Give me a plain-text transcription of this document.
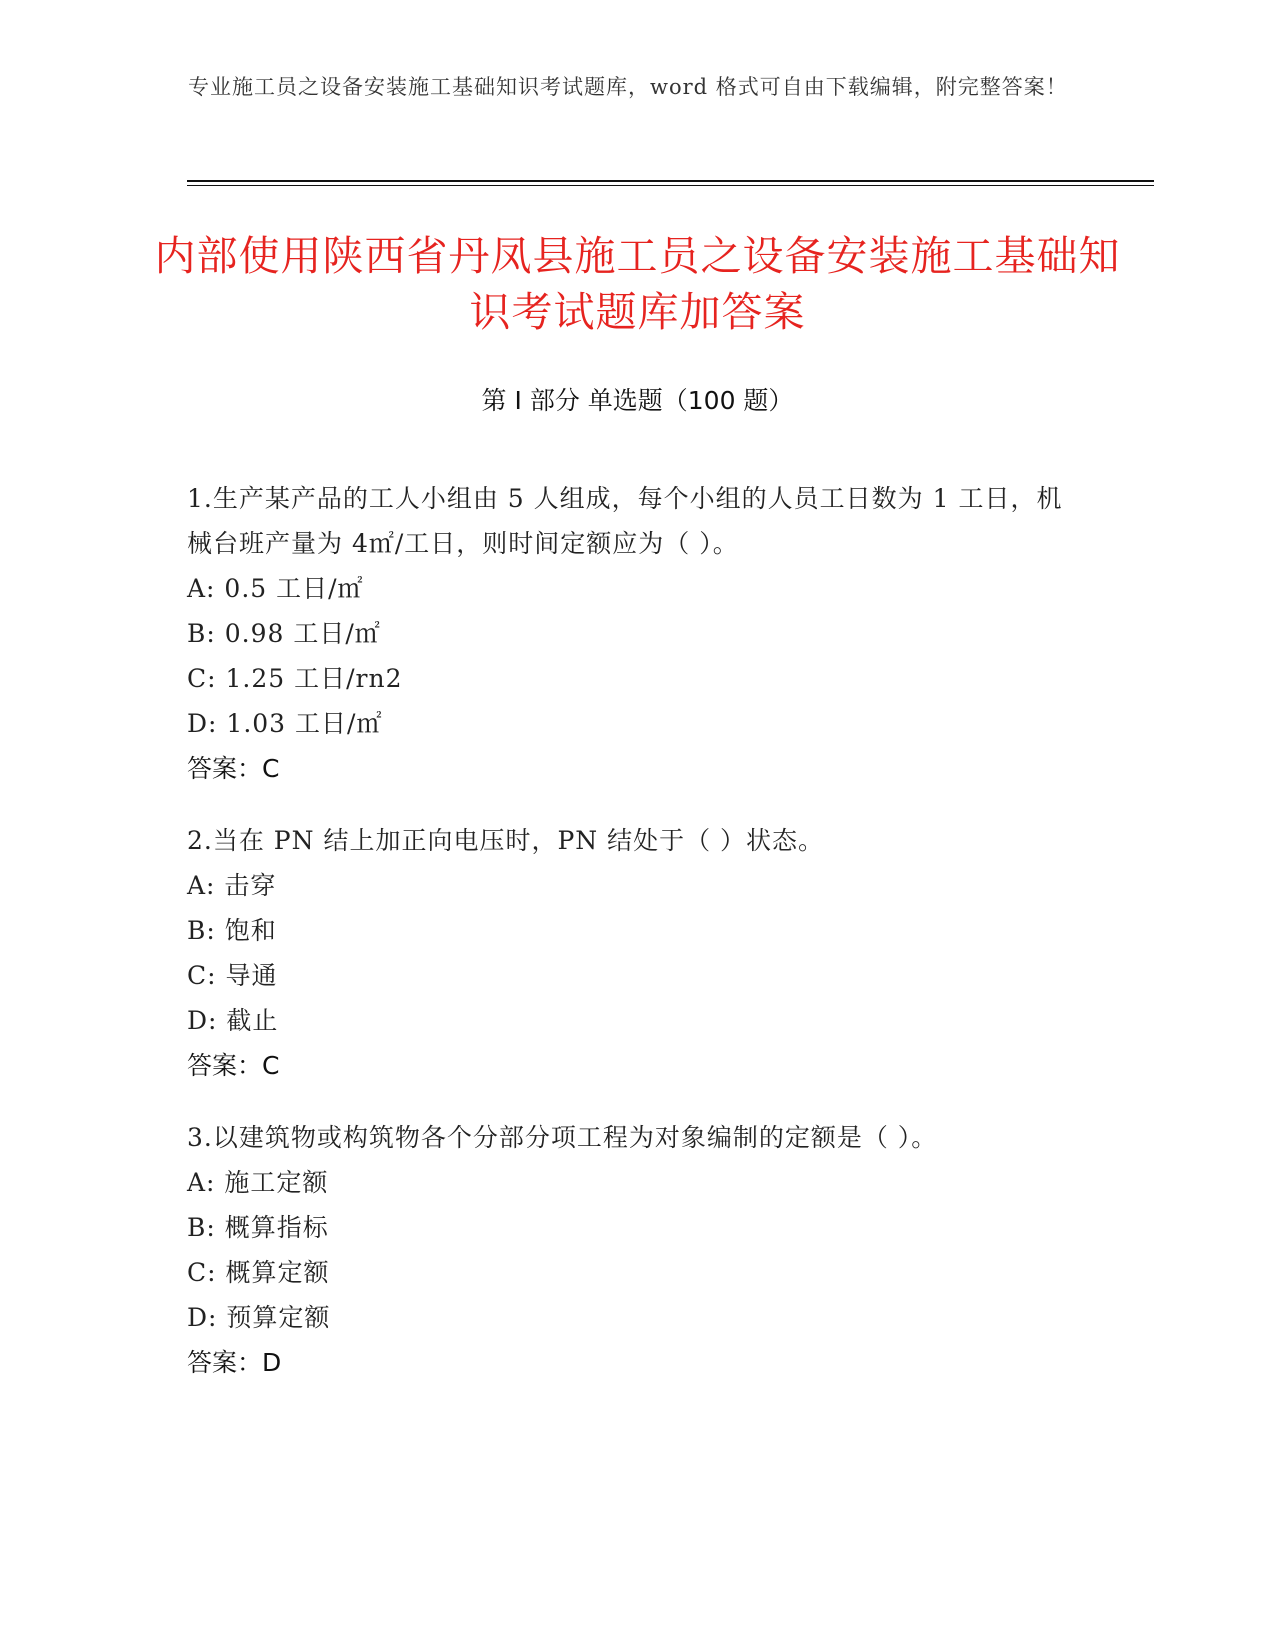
专业施工员之设备安装施工基础知识考试题库，word 格式可自由下载编辑，附完整答案！
内部使用陕西省丹凤县施工员之设备安装施工基础知识考试题库加答案
第 I 部分 单选题（100 题）
1.生产某产品的工人小组由 5 人组成，每个小组的人员工日数为 1 工日，机械台班产量为 4㎡/工日，则时间定额应为（ ）。
A: 0.5 工日/㎡
B: 0.98 工日/㎡
C: 1.25 工日/rn2
D: 1.03 工日/㎡
答案：C
2.当在 PN 结上加正向电压时，PN 结处于（ ）状态。
A: 击穿
B: 饱和
C: 导通
D: 截止
答案：C
3.以建筑物或构筑物各个分部分项工程为对象编制的定额是（ ）。
A: 施工定额
B: 概算指标
C: 概算定额
D: 预算定额
答案：D
